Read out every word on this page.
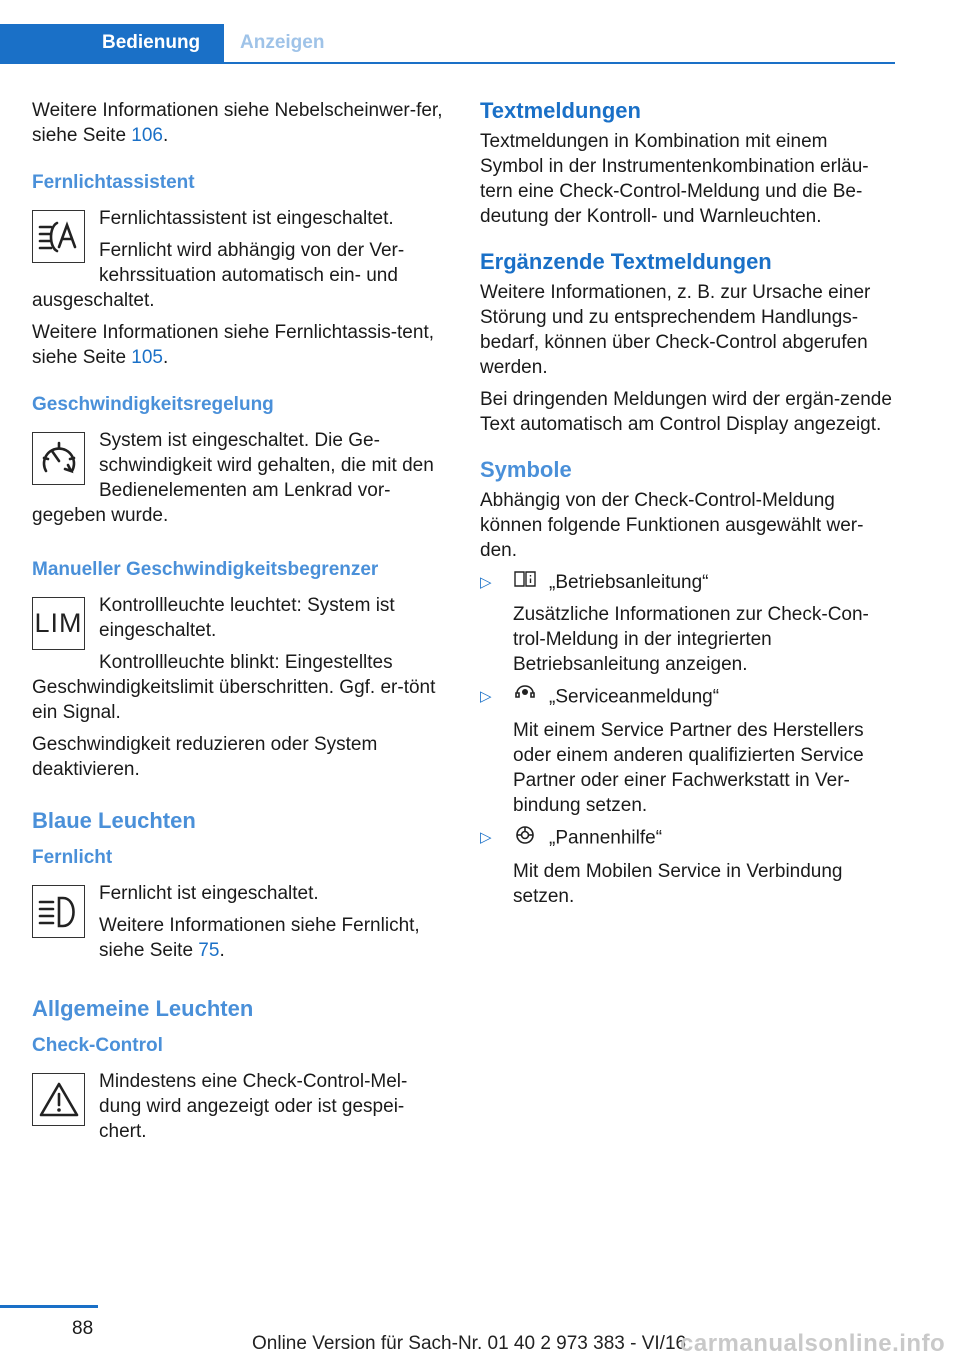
Bedienung	Anzeigen

Weitere Informationen siehe Nebelscheinwer-fer, siehe Seite 106.

Fernlichtassistent

Fernlichtassistent ist eingeschaltet.

Fernlicht wird abhängig von der Ver-kehrssituation automatisch ein- und ausgeschaltet.

Weitere Informationen siehe Fernlichtassis-tent, siehe Seite 105.

Geschwindigkeitsregelung

System ist eingeschaltet. Die Ge-schwindigkeit wird gehalten, die mit den Bedienelementen am Lenkrad vor-gegeben wurde.

Manueller Geschwindigkeitsbegrenzer
LIM

Kontrollleuchte leuchtet: System ist eingeschaltet.

Kontrollleuchte blinkt: Eingestelltes Geschwindigkeitslimit überschritten. Ggf. er-tönt ein Signal.

Geschwindigkeit reduzieren oder System deaktivieren.

Blaue Leuchten
Fernlicht

Fernlicht ist eingeschaltet.

Weitere Informationen siehe Fernlicht, siehe Seite 75.

Allgemeine Leuchten
Check-Control

Mindestens eine Check-Control-Mel-dung wird angezeigt oder ist gespei-chert.

Textmeldungen

Textmeldungen in Kombination mit einem Symbol in der Instrumentenkombination erläu-tern eine Check-Control-Meldung und die Be-deutung der Kontroll- und Warnleuchten.

Ergänzende Textmeldungen

Weitere Informationen, z. B. zur Ursache einer Störung und zu entsprechendem Handlungs-bedarf, können über Check-Control abgerufen werden.

Bei dringenden Meldungen wird der ergän-zende Text automatisch am Control Display angezeigt.

Symbole

Abhängig von der Check-Control-Meldung können folgende Funktionen ausgewählt wer-den.

▷	„Betriebsanleitung“

Zusätzliche Informationen zur Check-Con-trol-Meldung in der integrierten Betriebsanleitung anzeigen.

▷	„Serviceanmeldung“

Mit einem Service Partner des Herstellers oder einem anderen qualifizierten Service Partner oder einer Fachwerkstatt in Ver-bindung setzen.

▷	„Pannenhilfe“

Mit dem Mobilen Service in Verbindung setzen.

88
Online Version für Sach-Nr. 01 40 2 973 383 - VI/16
carmanualsonline.info
